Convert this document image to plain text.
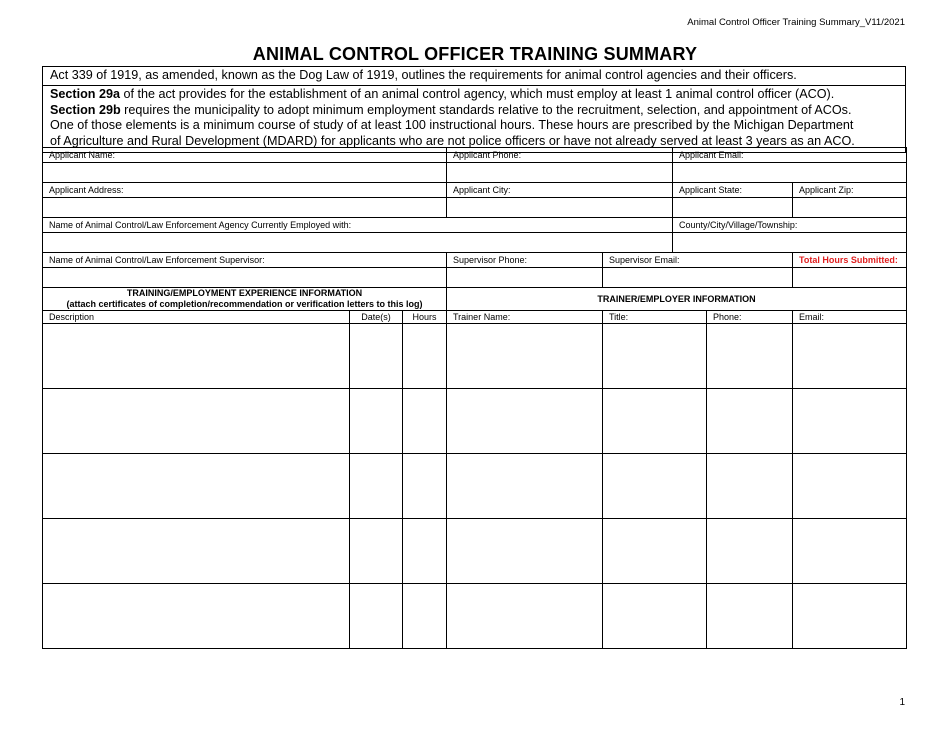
Animal Control Officer Training Summary_V11/2021
ANIMAL CONTROL OFFICER TRAINING SUMMARY
Act 339 of 1919, as amended, known as the Dog Law of 1919, outlines the requirements for animal control agencies and their officers.
Section 29a of the act provides for the establishment of an animal control agency, which must employ at least 1 animal control officer (ACO).
Section 29b requires the municipality to adopt minimum employment standards relative to the recruitment, selection, and appointment of ACOs.
One of those elements is a minimum course of study of at least 100 instructional hours. These hours are prescribed by the Michigan Department
of Agriculture and Rural Development (MDARD) for applicants who are not police officers or have not already served at least 3 years as an ACO.
Applicant Name:			Applicant Phone:		Applicant Email:		

Applicant Address:			Applicant City:		Applicant State:		Applicant Zip:

Name of Animal Control/Law Enforcement Agency Currently Employed with:					County/City/Village/Township:		

Name of Animal Control/Law Enforcement Supervisor:			Supervisor Phone:	Supervisor Email:			Total Hours Submitted:

TRAINING/EMPLOYMENT EXPERIENCE INFORMATION
(attach certificates of completion/recommendation or verification letters to this log)			TRAINER/EMPLOYER INFORMATION				
Description	Date(s)	Hours	Trainer Name:	Title:		Phone:	Email:

1
